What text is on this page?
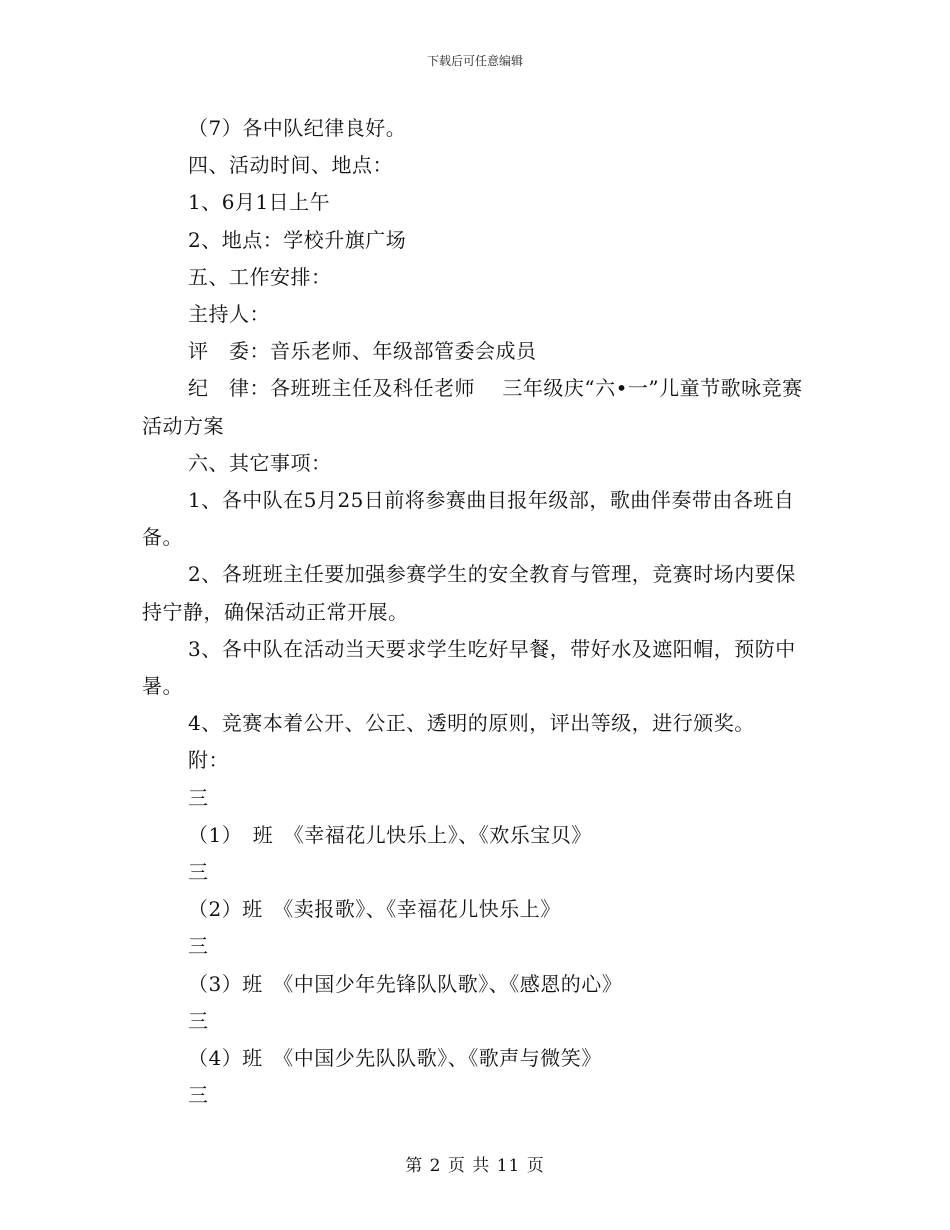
下载后可任意编辑

（7）各中队纪律良好。

四、活动时间、地点：

1、6月1日上午

2、地点：学校升旗广场

五、工作安排：

主持人：

评　委：音乐老师、年级部管委会成员

纪　律：各班班主任及科任老师　 三年级庆“六•一”儿童节歌咏竞赛活动方案

六、其它事项：

1、各中队在5月25日前将参赛曲目报年级部，歌曲伴奏带由各班自备。

2、各班班主任要加强参赛学生的安全教育与管理，竞赛时场内要保持宁静，确保活动正常开展。

3、各中队在活动当天要求学生吃好早餐，带好水及遮阳帽，预防中暑。

4、竞赛本着公开、公正、透明的原则，评出等级，进行颁奖。

附：

三

（1）　班　《幸福花儿快乐上》、《欢乐宝贝》

三

（2）班　《卖报歌》、《幸福花儿快乐上》

三

（3）班　《中国少年先锋队队歌》、《感恩的心》

三

（4）班　《中国少先队队歌》、《歌声与微笑》

三

第 2 页 共 11 页
